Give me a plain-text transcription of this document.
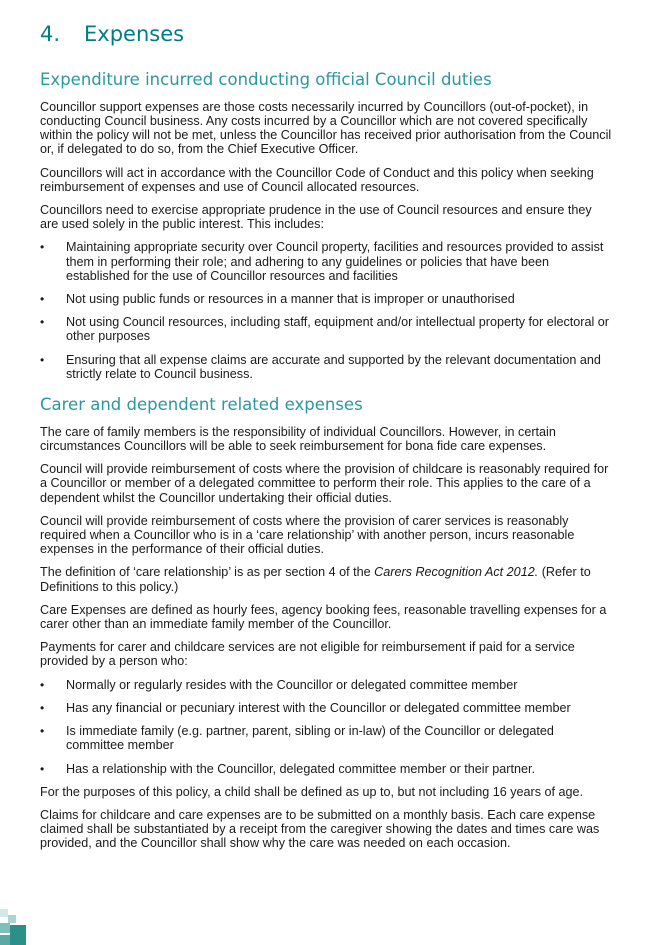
4.	Expenses
Expenditure incurred conducting official Council duties

Councillor support expenses are those costs necessarily incurred by Councillors (out-of-pocket), in conducting Council business. Any costs incurred by a Councillor which are not covered specifically within the policy will not be met, unless the Councillor has received prior authorisation from the Council or, if delegated to do so, from the Chief Executive Officer.

Councillors will act in accordance with the Councillor Code of Conduct and this policy when seeking reimbursement of expenses and use of Council allocated resources.

Councillors need to exercise appropriate prudence in the use of Council resources and ensure they are used solely in the public interest. This includes:

• Maintaining appropriate security over Council property, facilities and resources provided to assist them in performing their role; and adhering to any guidelines or policies that have been established for the use of Councillor resources and facilities
• Not using public funds or resources in a manner that is improper or unauthorised
• Not using Council resources, including staff, equipment and/or intellectual property for electoral or other purposes
• Ensuring that all expense claims are accurate and supported by the relevant documentation and strictly relate to Council business.
Carer and dependent related expenses

The care of family members is the responsibility of individual Councillors. However, in certain circumstances Councillors will be able to seek reimbursement for bona fide care expenses.

Council will provide reimbursement of costs where the provision of childcare is reasonably required for a Councillor or member of a delegated committee to perform their role. This applies to the care of a dependent whilst the Councillor undertaking their official duties.

Council will provide reimbursement of costs where the provision of carer services is reasonably required when a Councillor who is in a ‘care relationship’ with another person, incurs reasonable expenses in the performance of their official duties.

The definition of ‘care relationship’ is as per section 4 of the Carers Recognition Act 2012. (Refer to Definitions to this policy.)

Care Expenses are defined as hourly fees, agency booking fees, reasonable travelling expenses for a carer other than an immediate family member of the Councillor.

Payments for carer and childcare services are not eligible for reimbursement if paid for a service provided by a person who:

• Normally or regularly resides with the Councillor or delegated committee member
• Has any financial or pecuniary interest with the Councillor or delegated committee member
• Is immediate family (e.g. partner, parent, sibling or in-law) of the Councillor or delegated committee member
• Has a relationship with the Councillor, delegated committee member or their partner.

For the purposes of this policy, a child shall be defined as up to, but not including 16 years of age.

Claims for childcare and care expenses are to be submitted on a monthly basis. Each care expense claimed shall be substantiated by a receipt from the caregiver showing the dates and times care was provided, and the Councillor shall show why the care was needed on each occasion.
